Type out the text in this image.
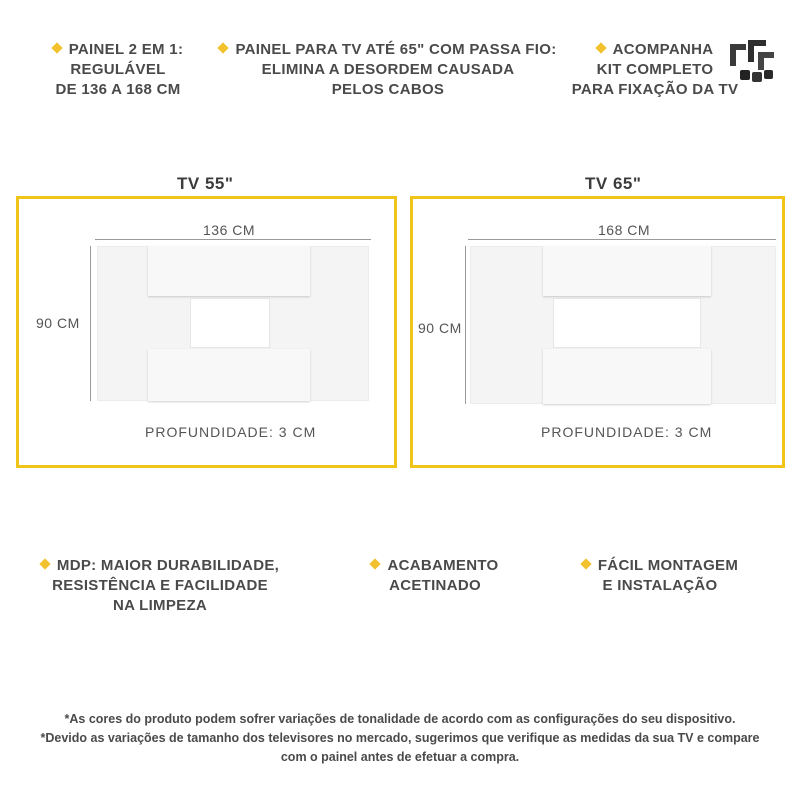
PAINEL 2 EM 1:
REGULÁVEL
DE 136 A 168 CM
PAINEL PARA TV ATÉ 65" COM PASSA FIO:
ELIMINA A DESORDEM CAUSADA
PELOS CABOS
ACOMPANHA
KIT COMPLETO
PARA FIXAÇÃO DA TV
TV 55"
136 CM
90 CM
PROFUNDIDADE: 3 CM
TV 65"
168 CM
90 CM
PROFUNDIDADE: 3 CM
MDP: MAIOR DURABILIDADE,
RESISTÊNCIA E FACILIDADE
NA LIMPEZA
ACABAMENTO
ACETINADO
FÁCIL MONTAGEM
E INSTALAÇÃO
*As cores do produto podem sofrer variações de tonalidade de acordo com as configurações do seu dispositivo.
*Devido as variações de tamanho dos televisores no mercado, sugerimos que verifique as medidas da sua TV e compare
com o painel antes de efetuar a compra.
